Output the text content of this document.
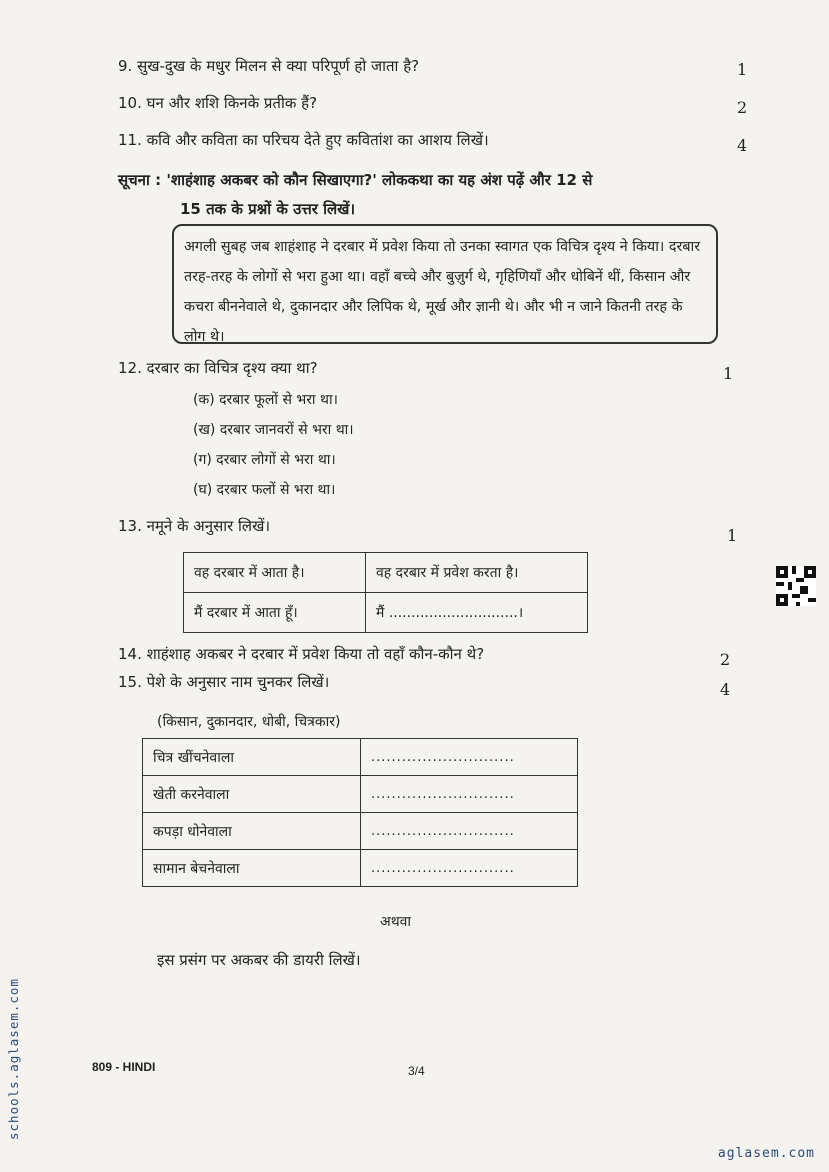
9. सुख-दुख के मधुर मिलन से क्या परिपूर्ण हो जाता है?	1
10. घन और शशि किनके प्रतीक हैं?	2
11. कवि और कविता का परिचय देते हुए कवितांश का आशय लिखें।	4
सूचना : 'शाहंशाह अकबर को कौन सिखाएगा?' लोककथा का यह अंश पढ़ें और 12 से
15 तक के प्रश्नों के उत्तर लिखें।
अगली सुबह जब शाहंशाह ने दरबार में प्रवेश किया तो उनका स्वागत एक विचित्र दृश्य ने किया। दरबार तरह-तरह के लोगों से भरा हुआ था। वहाँ बच्चे और बुज़ुर्ग थे, गृहिणियाँ और धोबिनें थीं, किसान और कचरा बीननेवाले थे, दुकानदार और लिपिक थे, मूर्ख और ज्ञानी थे। और भी न जाने कितनी तरह के लोग थे।
12. दरबार का विचित्र दृश्य क्या था?	1
(क) दरबार फूलों से भरा था।
(ख) दरबार जानवरों से भरा था।
(ग) दरबार लोगों से भरा था।
(घ) दरबार फलों से भरा था।
13. नमूने के अनुसार लिखें।	1
वह दरबार में आता है।	वह दरबार में प्रवेश करता है।
मैं दरबार में आता हूँ।	मैं .............................।
14. शाहंशाह अकबर ने दरबार में प्रवेश किया तो वहाँ कौन-कौन थे?	2
15. पेशे के अनुसार नाम चुनकर लिखें।	4
(किसान, दुकानदार, धोबी, चित्रकार)
चित्र खींचनेवाला	............................
खेती करनेवाला	............................
कपड़ा धोनेवाला	............................
सामान बेचनेवाला	............................
अथवा
इस प्रसंग पर अकबर की डायरी लिखें।
809 - HINDI	3/4
schools.aglasem.com
aglasem.com
